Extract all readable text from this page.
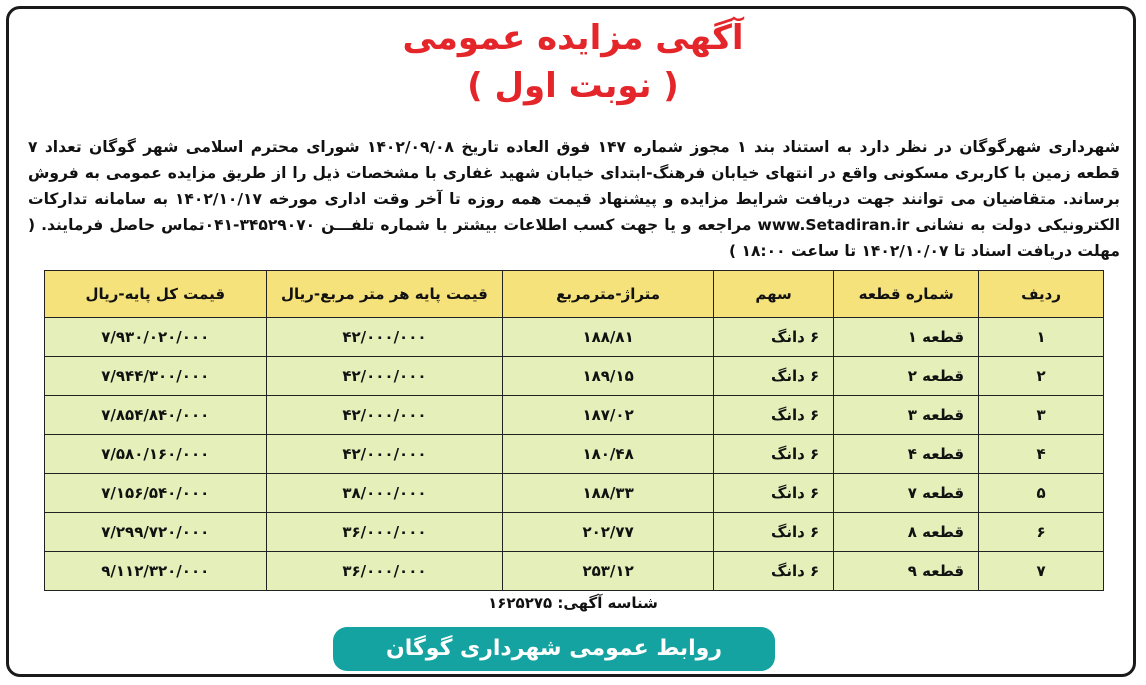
آگهی مزایده عمومی
( نوبت اول )
شهرداری شهرگوگان در نظر دارد به استناد بند ۱ مجوز شماره ۱۴۷ فوق العاده تاریخ ۱۴۰۲/۰۹/۰۸ شورای محترم اسلامی شهر گوگان تعداد ۷ قطعه زمین با کاربری مسکونی واقع در انتهای خیابان فرهنگ-ابتدای خیابان شهید غفاری با مشخصات ذیل را از طریق مزایده عمومی به فروش برساند. متقاضیان می توانند جهت دریافت شرایط مزایده و پیشنهاد قیمت همه روزه تا آخر وقت اداری مورخه ۱۴۰۲/۱۰/۱۷ به سامانه تدارکات الکترونیکی دولت به نشانی www.Setadiran.ir مراجعه و یا جهت کسب اطلاعات بیشتر با شماره تلفـــن ۳۴۵۲۹۰۷۰-۰۴۱تماس حاصل فرمایند. ( مهلت دریافت اسناد تا ۱۴۰۲/۱۰/۰۷ تا ساعت ۱۸:۰۰ )
ردیف	شماره قطعه	سهم	متراژ-مترمربع	قیمت پایه هر متر مربع-ریال	قیمت کل پایه-ریال
۱	قطعه ۱	۶ دانگ	۱۸۸/۸۱	۴۲/۰۰۰/۰۰۰	۷/۹۳۰/۰۲۰/۰۰۰
۲	قطعه ۲	۶ دانگ	۱۸۹/۱۵	۴۲/۰۰۰/۰۰۰	۷/۹۴۴/۳۰۰/۰۰۰
۳	قطعه ۳	۶ دانگ	۱۸۷/۰۲	۴۲/۰۰۰/۰۰۰	۷/۸۵۴/۸۴۰/۰۰۰
۴	قطعه ۴	۶ دانگ	۱۸۰/۴۸	۴۲/۰۰۰/۰۰۰	۷/۵۸۰/۱۶۰/۰۰۰
۵	قطعه ۷	۶ دانگ	۱۸۸/۳۳	۳۸/۰۰۰/۰۰۰	۷/۱۵۶/۵۴۰/۰۰۰
۶	قطعه ۸	۶ دانگ	۲۰۲/۷۷	۳۶/۰۰۰/۰۰۰	۷/۲۹۹/۷۲۰/۰۰۰
۷	قطعه ۹	۶ دانگ	۲۵۳/۱۲	۳۶/۰۰۰/۰۰۰	۹/۱۱۲/۳۲۰/۰۰۰
شناسه آگهی: ۱۶۲۵۲۷۵
روابط عمومی شهرداری گوگان
